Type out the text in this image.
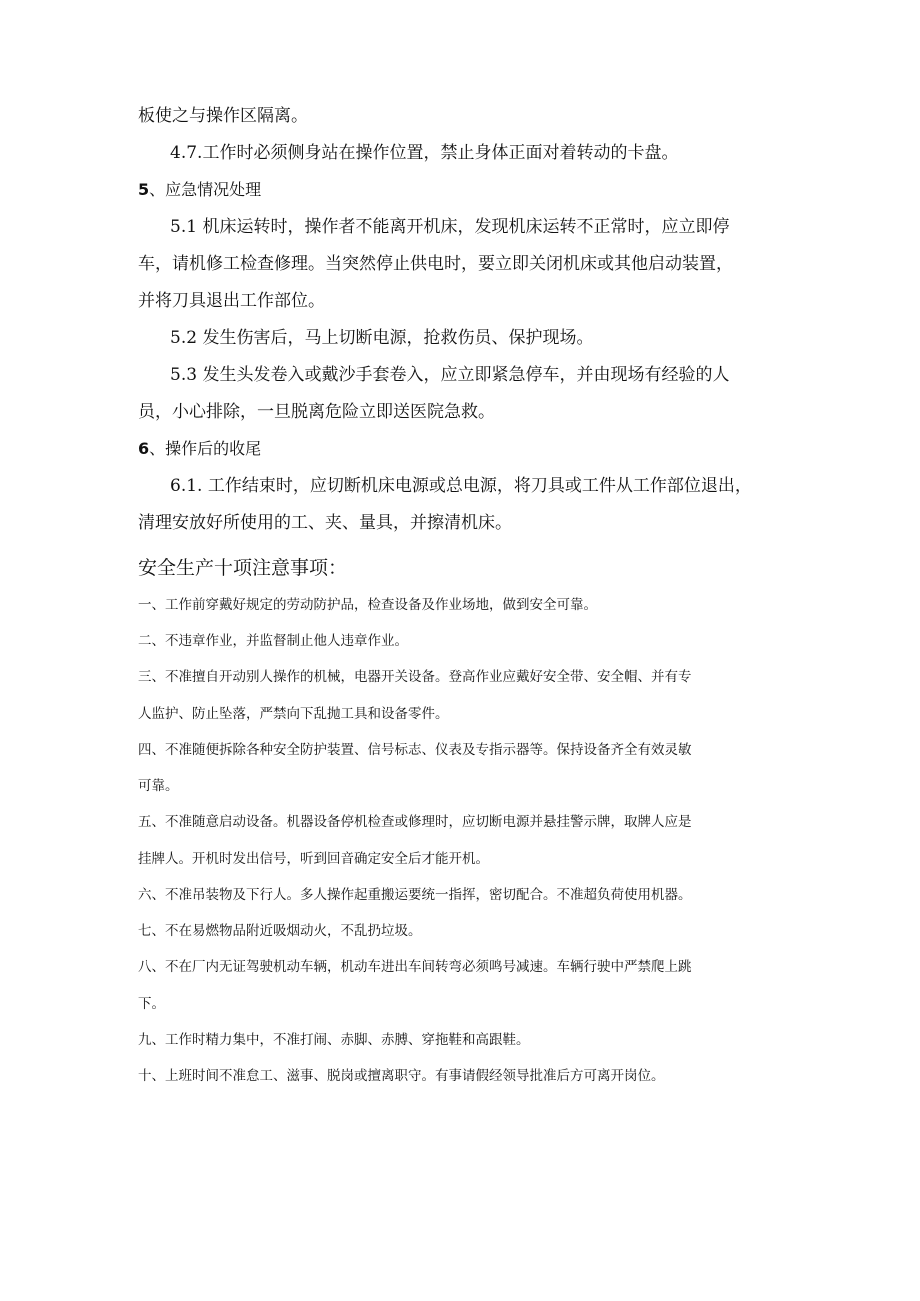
板使之与操作区隔离。
4.7.工作时必须侧身站在操作位置，禁止身体正面对着转动的卡盘。
5、应急情况处理
5.1 机床运转时，操作者不能离开机床，发现机床运转不正常时，应立即停
车，请机修工检查修理。当突然停止供电时，要立即关闭机床或其他启动装置，
并将刀具退出工作部位。
5.2 发生伤害后，马上切断电源，抢救伤员、保护现场。
5.3 发生头发卷入或戴沙手套卷入，应立即紧急停车，并由现场有经验的人
员，小心排除，一旦脱离危险立即送医院急救。
6、操作后的收尾
6.1. 工作结束时，应切断机床电源或总电源，将刀具或工件从工作部位退出，
清理安放好所使用的工、夹、量具，并擦清机床。
安全生产十项注意事项：
一、工作前穿戴好规定的劳动防护品，检查设备及作业场地，做到安全可靠。
二、不违章作业，并监督制止他人违章作业。
三、不准擅自开动别人操作的机械，电器开关设备。登高作业应戴好安全带、安全帽、并有专
人监护、防止坠落，严禁向下乱抛工具和设备零件。
四、不准随便拆除各种安全防护装置、信号标志、仪表及专指示器等。保持设备齐全有效灵敏
可靠。
五、不准随意启动设备。机器设备停机检查或修理时，应切断电源并悬挂警示牌，取牌人应是
挂牌人。开机时发出信号，听到回音确定安全后才能开机。
六、不准吊装物及下行人。多人操作起重搬运要统一指挥，密切配合。不准超负荷使用机器。
七、不在易燃物品附近吸烟动火，不乱扔垃圾。
八、不在厂内无证驾驶机动车辆，机动车进出车间转弯必须鸣号减速。车辆行驶中严禁爬上跳
下。
九、工作时精力集中，不准打闹、赤脚、赤膊、穿拖鞋和高跟鞋。
十、上班时间不准怠工、滋事、脱岗或擅离职守。有事请假经领导批准后方可离开岗位。
